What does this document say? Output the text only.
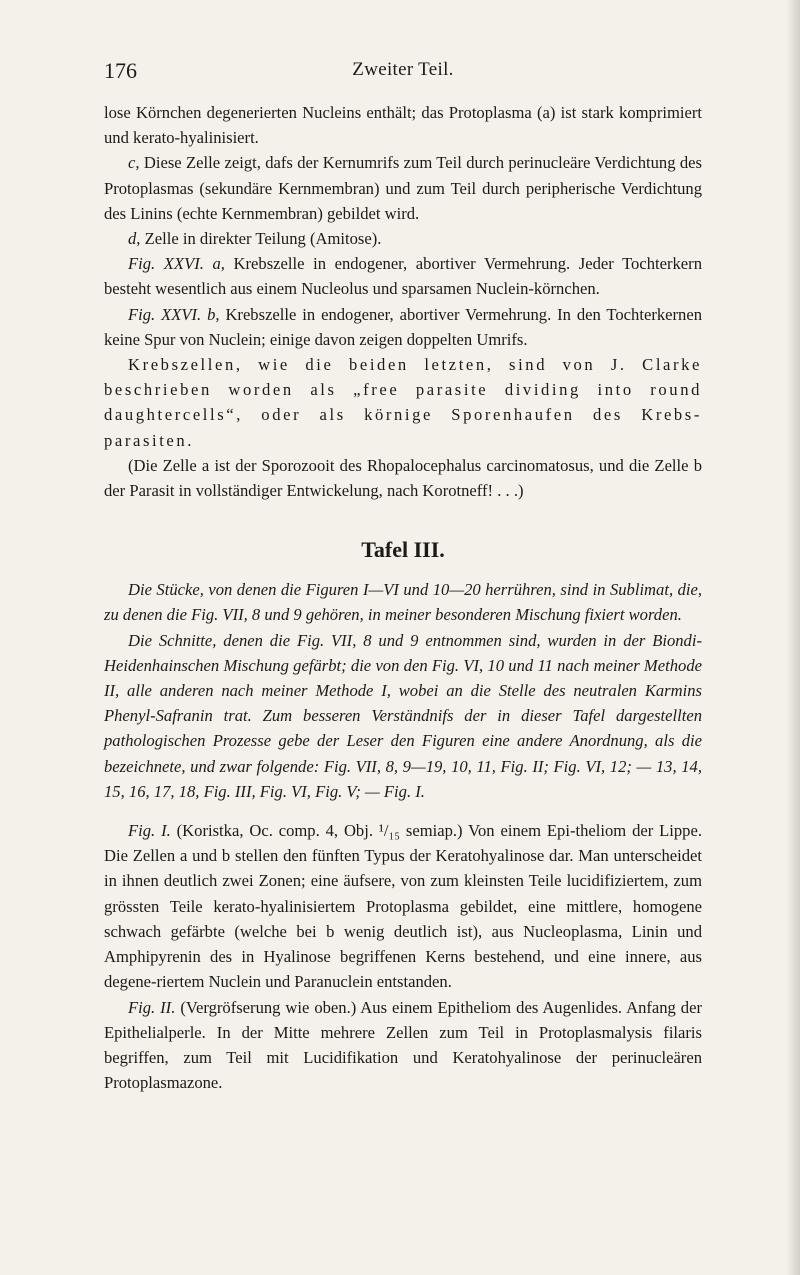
176	Zweiter Teil.

lose Körnchen degenerierten Nucleins enthält; das Protoplasma (a) ist stark komprimiert und kerato-hyalinisiert.

c, Diese Zelle zeigt, dafs der Kernumrifs zum Teil durch perinucleäre Verdichtung des Protoplasmas (sekundäre Kernmembran) und zum Teil durch peripherische Verdichtung des Linins (echte Kernmembran) gebildet wird.

d, Zelle in direkter Teilung (Amitose).

Fig. XXVI. a, Krebszelle in endogener, abortiver Vermehrung. Jeder Tochterkern besteht wesentlich aus einem Nucleolus und sparsamen Nuclein-körnchen.

Fig. XXVI. b, Krebszelle in endogener, abortiver Vermehrung. In den Tochterkernen keine Spur von Nuclein; einige davon zeigen doppelten Umrifs.

Krebszellen, wie die beiden letzten, sind von J. Clarke beschrieben worden als „free parasite dividing into round daughtercells“, oder als körnige Sporenhaufen des Krebs-parasiten.

(Die Zelle a ist der Sporozooit des Rhopalocephalus carcinomatosus, und die Zelle b der Parasit in vollständiger Entwickelung, nach Korotneff! . . .)

Tafel III.

Die Stücke, von denen die Figuren I—VI und 10—20 herrühren, sind in Sublimat, die, zu denen die Fig. VII, 8 und 9 gehören, in meiner besonderen Mischung fixiert worden.

Die Schnitte, denen die Fig. VII, 8 und 9 entnommen sind, wurden in der Biondi-Heidenhainschen Mischung gefärbt; die von den Fig. VI, 10 und 11 nach meiner Methode II, alle anderen nach meiner Methode I, wobei an die Stelle des neutralen Karmins Phenyl-Safranin trat. Zum besseren Verständnifs der in dieser Tafel dargestellten pathologischen Prozesse gebe der Leser den Figuren eine andere Anordnung, als die bezeichnete, und zwar folgende: Fig. VII, 8, 9—19, 10, 11, Fig. II; Fig. VI, 12; — 13, 14, 15, 16, 17, 18, Fig. III, Fig. VI, Fig. V; — Fig. I.

Fig. I. (Koristka, Oc. comp. 4, Obj. ¹/₁₅ semiap.) Von einem Epi-theliom der Lippe. Die Zellen a und b stellen den fünften Typus der Keratohyalinose dar. Man unterscheidet in ihnen deutlich zwei Zonen; eine äufsere, von zum kleinsten Teile lucidifiziertem, zum grössten Teile kerato-hyalinisiertem Protoplasma gebildet, eine mittlere, homogene schwach gefärbte (welche bei b wenig deutlich ist), aus Nucleoplasma, Linin und Amphipyrenin des in Hyalinose begriffenen Kerns bestehend, und eine innere, aus degene-riertem Nuclein und Paranuclein entstanden.

Fig. II. (Vergröfserung wie oben.) Aus einem Epitheliom des Augenlides. Anfang der Epithelialperle. In der Mitte mehrere Zellen zum Teil in Protoplasmalysis filaris begriffen, zum Teil mit Lucidifikation und Keratohyalinose der perinucleären Protoplasmazone.
